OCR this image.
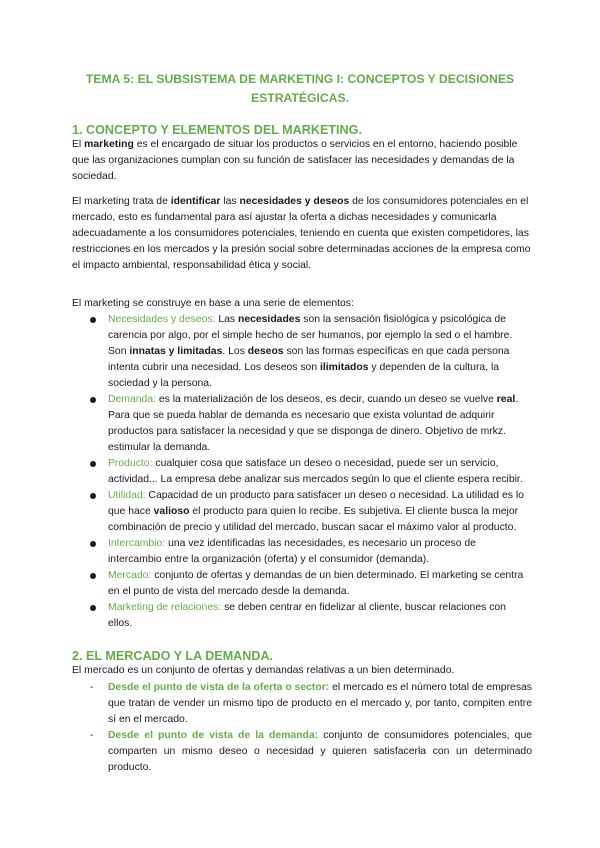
TEMA 5: EL SUBSISTEMA DE MARKETING I: CONCEPTOS Y DECISIONES ESTRATÉGICAS.
1. CONCEPTO Y ELEMENTOS DEL MARKETING.
El marketing es el encargado de situar los productos o servicios en el entorno, haciendo posible que las organizaciones cumplan con su función de satisfacer las necesidades y demandas de la sociedad.
El marketing trata de identificar las necesidades y deseos de los consumidores potenciales en el mercado, esto es fundamental para así ajustar la oferta a dichas necesidades y comunicarla adecuadamente a los consumidores potenciales, teniendo en cuenta que existen competidores, las restricciones en los mercados y la presión social sobre determinadas acciones de la empresa como el impacto ambiental, responsabilidad ética y social.
El marketing se construye en base a una serie de elementos:
Necesidades y deseos: Las necesidades son la sensación fisiológica y psicológica de carencia por algo, por el simple hecho de ser humanos, por ejemplo la sed o el hambre. Son innatas y limitadas. Los deseos son las formas específicas en que cada persona intenta cubrir una necesidad. Los deseos son ilimitados y dependen de la cultura, la sociedad y la persona.
Demanda: es la materialización de los deseos, es decir, cuando un deseo se vuelve real. Para que se pueda hablar de demanda es necesario que exista voluntad de adquirir productos para satisfacer la necesidad y que se disponga de dinero. Objetivo de mrkz. estimular la demanda.
Producto: cualquier cosa que satisface un deseo o necesidad, puede ser un servicio, actividad... La empresa debe analizar sus mercados según lo que el cliente espera recibir.
Utilidad: Capacidad de un producto para satisfacer un deseo o necesidad. La utilidad es lo que hace valioso el producto para quien lo recibe. Es subjetiva. El cliente busca la mejor combinación de precio y utilidad del mercado, buscan sacar el máximo valor al producto.
Intercambio: una vez identificadas las necesidades, es necesario un proceso de intercambio entre la organización (oferta) y el consumidor (demanda).
Mercado: conjunto de ofertas y demandas de un bien determinado. El marketing se centra en el punto de vista del mercado desde la demanda.
Marketing de relaciones: se deben centrar en fidelizar al cliente, buscar relaciones con ellos.
2. EL MERCADO Y LA DEMANDA.
El mercado es un conjunto de ofertas y demandas relativas a un bien determinado.
- Desde el punto de vista de la oferta o sector: el mercado es el número total de empresas que tratan de vender un mismo tipo de producto en el mercado y, por tanto, compiten entre sí en el mercado.
- Desde el punto de vista de la demanda: conjunto de consumidores potenciales, que comparten un mismo deseo o necesidad y quieren satisfacerla con un determinado producto.
